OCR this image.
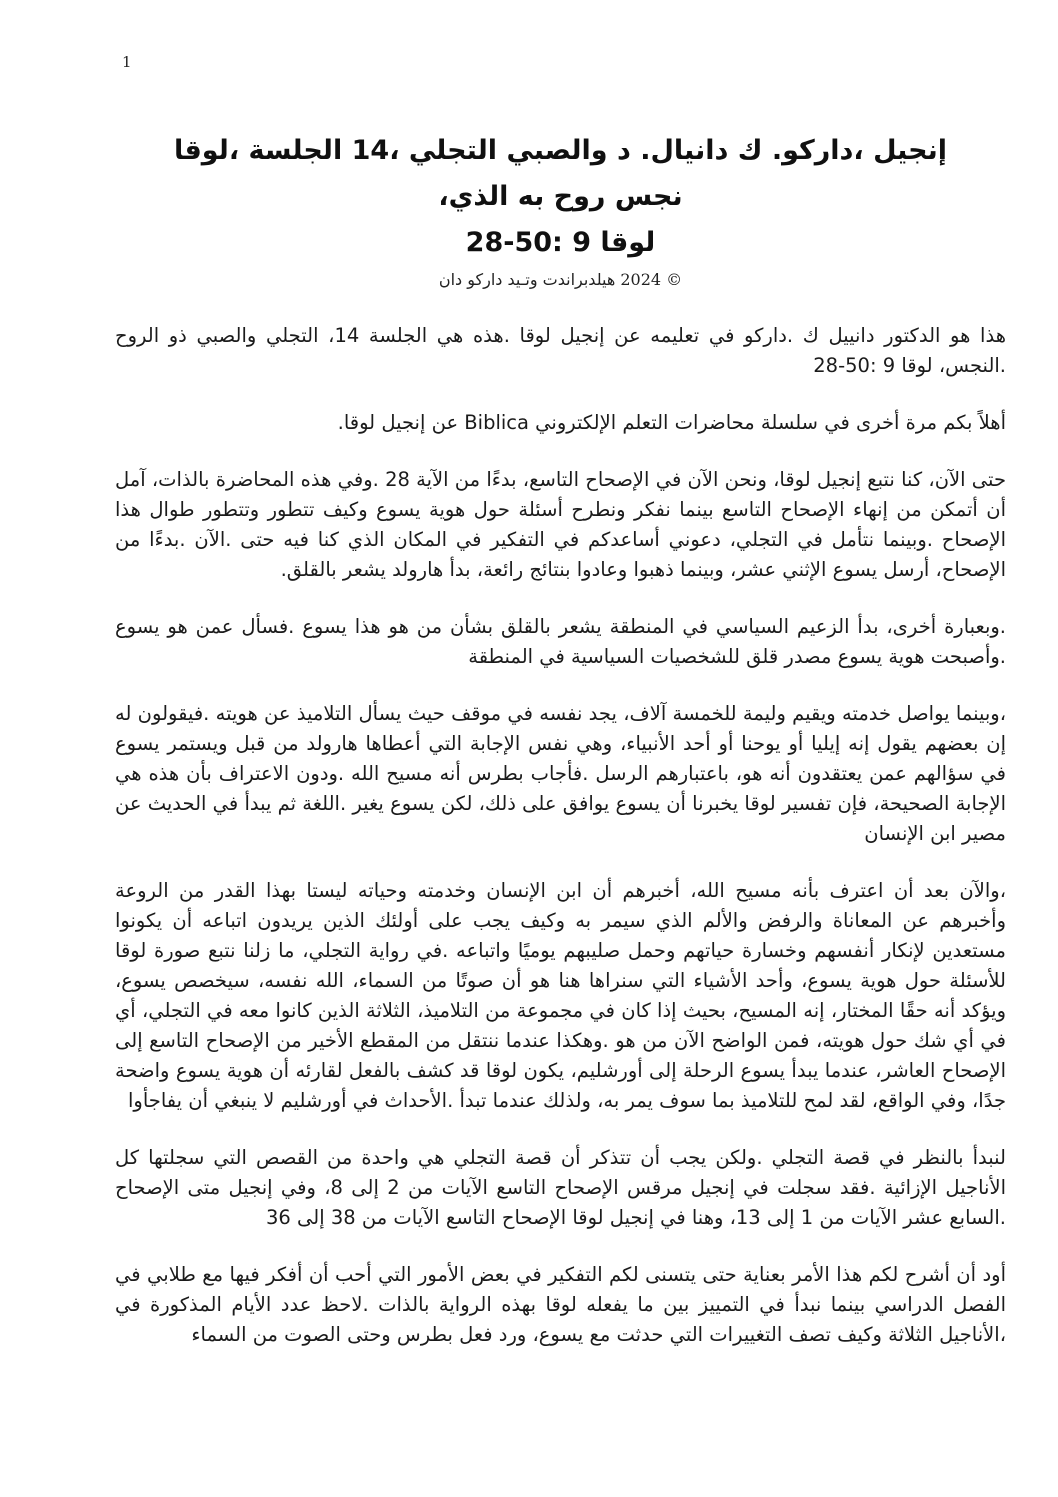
1
إنجيل ،داركو. ك دانيال. د والصبي التجلي ،14 الجلسة ،لوقا
نجس روح به الذي،
لوقا 9 :50-28
© 2024 هيلدبراندت وتـيد داركو دان

هذا هو الدكتور دانييل ك .داركو في تعليمه عن إنجيل لوقا .هذه هي الجلسة 14، التجلي والصبي ذو الروح .النجس، لوقا 9 :50-28

أهلاً بكم مرة أخرى في سلسلة محاضرات التعلم الإلكتروني Biblica عن إنجيل لوقا.

حتى الآن، كنا نتبع إنجيل لوقا، ونحن الآن في الإصحاح التاسع، بدءًا من الآية 28 .وفي هذه المحاضرة بالذات، آمل أن أتمكن من إنهاء الإصحاح التاسع بينما نفكر ونطرح أسئلة حول هوية يسوع وكيف تتطور وتتطور طوال هذا الإصحاح .وبينما نتأمل في التجلي، دعوني أساعدكم في التفكير في المكان الذي كنا فيه حتى .الآن .بدءًا من الإصحاح، أرسل يسوع الإثني عشر، وبينما ذهبوا وعادوا بنتائج رائعة، بدأ هارولد يشعر بالقلق.

.وبعبارة أخرى، بدأ الزعيم السياسي في المنطقة يشعر بالقلق بشأن من هو هذا يسوع .فسأل عمن هو يسوع .وأصبحت هوية يسوع مصدر قلق للشخصيات السياسية في المنطقة

،وبينما يواصل خدمته ويقيم وليمة للخمسة آلاف، يجد نفسه في موقف حيث يسأل التلاميذ عن هويته .فيقولون له إن بعضهم يقول إنه إيليا أو يوحنا أو أحد الأنبياء، وهي نفس الإجابة التي أعطاها هارولد من قبل ويستمر يسوع في سؤالهم عمن يعتقدون أنه هو، باعتبارهم الرسل .فأجاب بطرس أنه مسيح الله .ودون الاعتراف بأن هذه هي الإجابة الصحيحة، فإن تفسير لوقا يخبرنا أن يسوع يوافق على ذلك، لكن يسوع يغير .اللغة ثم يبدأ في الحديث عن مصير ابن الإنسان

،والآن بعد أن اعترف بأنه مسيح الله، أخبرهم أن ابن الإنسان وخدمته وحياته ليستا بهذا القدر من الروعة وأخبرهم عن المعاناة والرفض والألم الذي سيمر به وكيف يجب على أولئك الذين يريدون اتباعه أن يكونوا مستعدين لإنكار أنفسهم وخسارة حياتهم وحمل صليبهم يوميًا واتباعه .في رواية التجلي، ما زلنا نتبع صورة لوقا للأسئلة حول هوية يسوع، وأحد الأشياء التي سنراها هنا هو أن صوتًا من السماء، الله نفسه، سيخصص يسوع، ويؤكد أنه حقًا المختار، إنه المسيح، بحيث إذا كان في مجموعة من التلاميذ، الثلاثة الذين كانوا معه في التجلي، أي في أي شك حول هويته، فمن الواضح الآن من هو .وهكذا عندما ننتقل من المقطع الأخير من الإصحاح التاسع إلى الإصحاح العاشر، عندما يبدأ يسوع الرحلة إلى أورشليم، يكون لوقا قد كشف بالفعل لقارئه أن هوية يسوع واضحة جدًا، وفي الواقع، لقد لمح للتلاميذ بما سوف يمر به، ولذلك عندما تبدأ .الأحداث في أورشليم لا ينبغي أن يفاجأوا

لنبدأ بالنظر في قصة التجلي .ولكن يجب أن تتذكر أن قصة التجلي هي واحدة من القصص التي سجلتها كل الأناجيل الإزائية .فقد سجلت في إنجيل مرقس الإصحاح التاسع الآيات من 2 إلى 8، وفي إنجيل متى الإصحاح .السابع عشر الآيات من 1 إلى 13، وهنا في إنجيل لوقا الإصحاح التاسع الآيات من 38 إلى 36

أود أن أشرح لكم هذا الأمر بعناية حتى يتسنى لكم التفكير في بعض الأمور التي أحب أن أفكر فيها مع طلابي في الفصل الدراسي بينما نبدأ في التمييز بين ما يفعله لوقا بهذه الرواية بالذات .لاحظ عدد الأيام المذكورة في ،الأناجيل الثلاثة وكيف تصف التغييرات التي حدثت مع يسوع، ورد فعل بطرس وحتى الصوت من السماء
